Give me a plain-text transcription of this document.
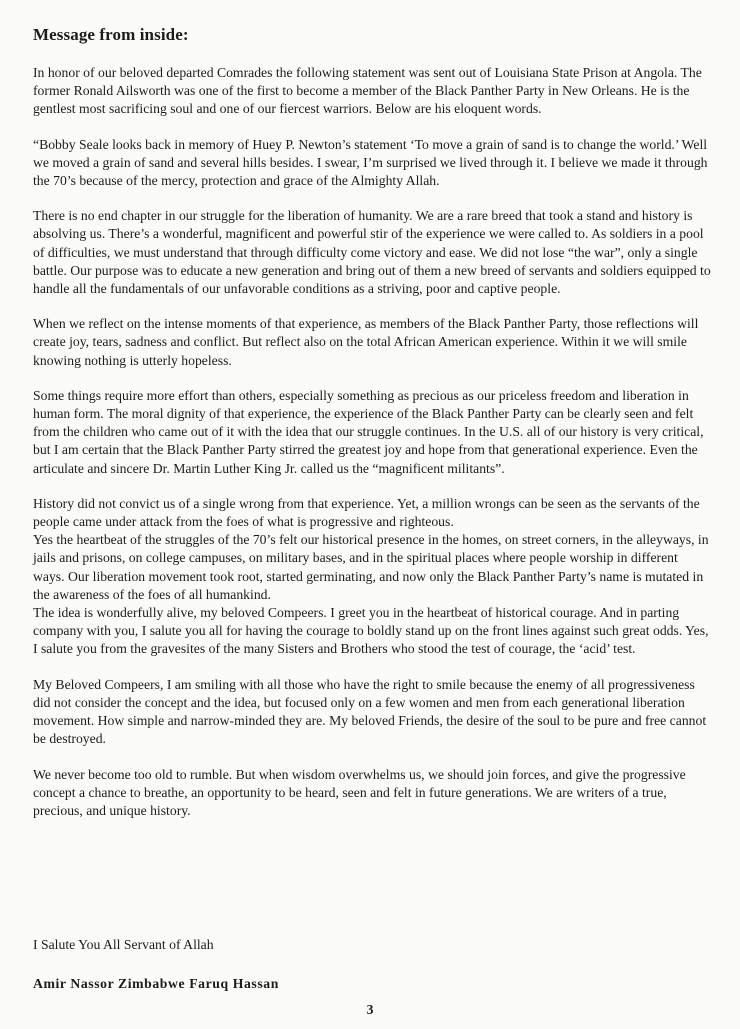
Message from inside:

In honor of our beloved departed Comrades the following statement was sent out of Louisiana State Prison at Angola. The former Ronald Ailsworth was one of the first to become a member of the Black Panther Party in New Orleans. He is the gentlest most sacrificing soul and one of our fiercest warriors. Below are his eloquent words.

“Bobby Seale looks back in memory of Huey P. Newton’s statement ‘To move a grain of sand is to change the world.’ Well we moved a grain of sand and several hills besides. I swear, I’m surprised we lived through it. I believe we made it through the 70’s because of the mercy, protection and grace of the Almighty Allah.

There is no end chapter in our struggle for the liberation of humanity. We are a rare breed that took a stand and history is absolving us. There’s a wonderful, magnificent and powerful stir of the experience we were called to. As soldiers in a pool of difficulties, we must understand that through difficulty come victory and ease. We did not lose “the war”, only a single battle. Our purpose was to educate a new generation and bring out of them a new breed of servants and soldiers equipped to handle all the fundamentals of our unfavorable conditions as a striving, poor and captive people.

When we reflect on the intense moments of that experience, as members of the Black Panther Party, those reflections will create joy, tears, sadness and conflict. But reflect also on the total African American experience. Within it we will smile knowing nothing is utterly hopeless.

Some things require more effort than others, especially something as precious as our priceless freedom and liberation in human form. The moral dignity of that experience, the experience of the Black Panther Party can be clearly seen and felt from the children who came out of it with the idea that our struggle continues. In the U.S. all of our history is very critical, but I am certain that the Black Panther Party stirred the greatest joy and hope from that generational experience. Even the articulate and sincere Dr. Martin Luther King Jr. called us the “magnificent militants”.

History did not convict us of a single wrong from that experience. Yet, a million wrongs can be seen as the servants of the people came under attack from the foes of what is progressive and righteous.

Yes the heartbeat of the struggles of the 70’s felt our historical presence in the homes, on street corners, in the alleyways, in jails and prisons, on college campuses, on military bases, and in the spiritual places where people worship in different ways. Our liberation movement took root, started germinating, and now only the Black Panther Party’s name is mutated in the awareness of the foes of all humankind.

The idea is wonderfully alive, my beloved Compeers. I greet you in the heartbeat of historical courage. And in parting company with you, I salute you all for having the courage to boldly stand up on the front lines against such great odds. Yes, I salute you from the gravesites of the many Sisters and Brothers who stood the test of courage, the ‘acid’ test.

My Beloved Compeers, I am smiling with all those who have the right to smile because the enemy of all progressiveness did not consider the concept and the idea, but focused only on a few women and men from each generational liberation movement. How simple and narrow-minded they are. My beloved Friends, the desire of the soul to be pure and free cannot be destroyed.

We never become too old to rumble. But when wisdom overwhelms us, we should join forces, and give the progressive concept a chance to breathe, an opportunity to be heard, seen and felt in future generations. We are writers of a true, precious, and unique history.

I Salute You All Servant of Allah

Amir Nassor Zimbabwe Faruq Hassan

3
